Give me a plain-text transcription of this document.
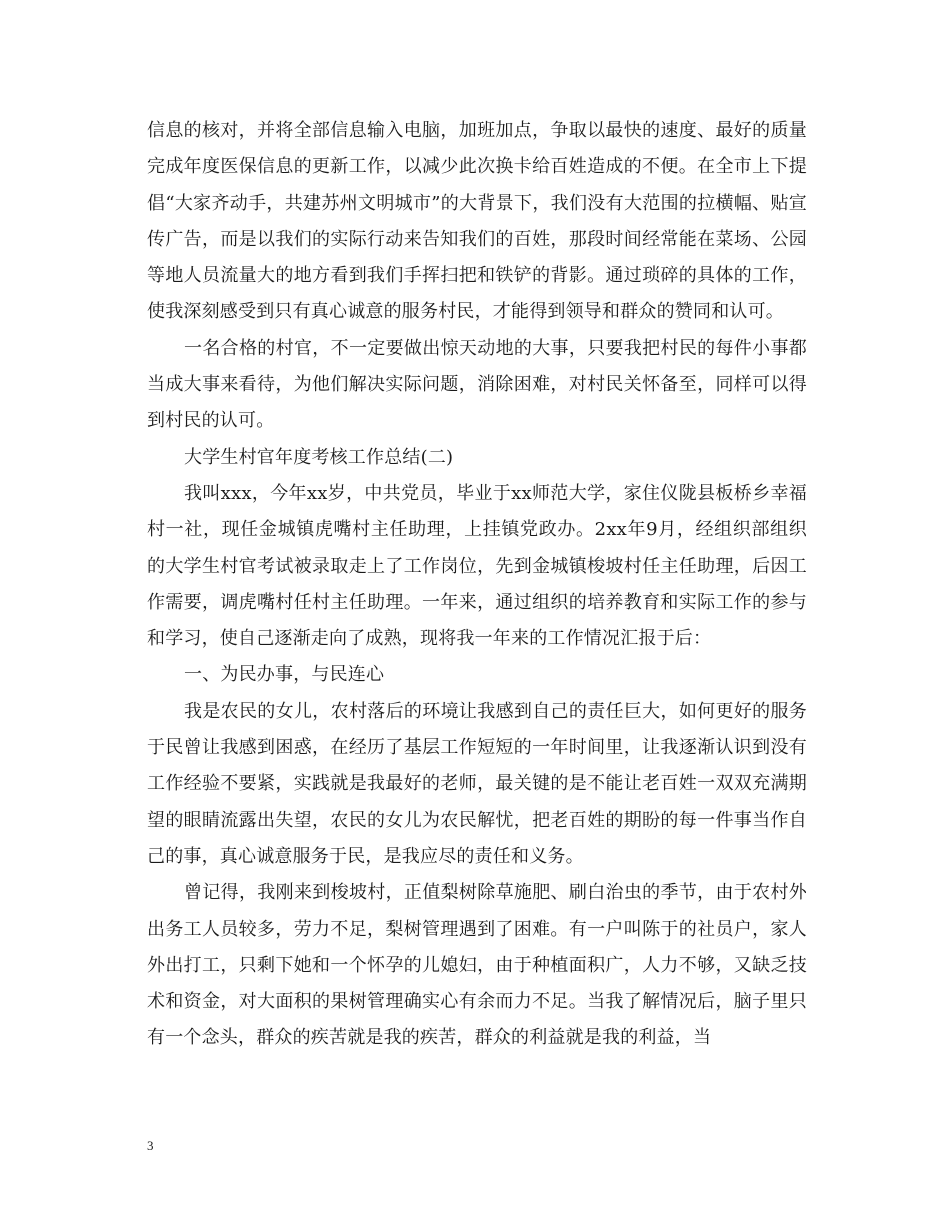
信息的核对，并将全部信息输入电脑，加班加点，争取以最快的速度、最好的质量完成年度医保信息的更新工作，以减少此次换卡给百姓造成的不便。在全市上下提倡“大家齐动手，共建苏州文明城市”的大背景下，我们没有大范围的拉横幅、贴宣传广告，而是以我们的实际行动来告知我们的百姓，那段时间经常能在菜场、公园等地人员流量大的地方看到我们手挥扫把和铁铲的背影。通过琐碎的具体的工作，使我深刻感受到只有真心诚意的服务村民，才能得到领导和群众的赞同和认可。

一名合格的村官，不一定要做出惊天动地的大事，只要我把村民的每件小事都当成大事来看待，为他们解决实际问题，消除困难，对村民关怀备至，同样可以得到村民的认可。

大学生村官年度考核工作总结(二)

我叫xxx，今年xx岁，中共党员，毕业于xx师范大学，家住仪陇县板桥乡幸福村一社，现任金城镇虎嘴村主任助理，上挂镇党政办。2xx年9月，经组织部组织的大学生村官考试被录取走上了工作岗位，先到金城镇梭坡村任主任助理，后因工作需要，调虎嘴村任村主任助理。一年来，通过组织的培养教育和实际工作的参与和学习，使自己逐渐走向了成熟，现将我一年来的工作情况汇报于后：

一、为民办事，与民连心

我是农民的女儿，农村落后的环境让我感到自己的责任巨大，如何更好的服务于民曾让我感到困惑，在经历了基层工作短短的一年时间里，让我逐渐认识到没有工作经验不要紧，实践就是我最好的老师，最关键的是不能让老百姓一双双充满期望的眼睛流露出失望，农民的女儿为农民解忧，把老百姓的期盼的每一件事当作自己的事，真心诚意服务于民，是我应尽的责任和义务。

曾记得，我刚来到梭坡村，正值梨树除草施肥、刷白治虫的季节，由于农村外出务工人员较多，劳力不足，梨树管理遇到了困难。有一户叫陈于的社员户，家人外出打工，只剩下她和一个怀孕的儿媳妇，由于种植面积广，人力不够，又缺乏技术和资金，对大面积的果树管理确实心有余而力不足。当我了解情况后，脑子里只有一个念头，群众的疾苦就是我的疾苦，群众的利益就是我的利益，当

3
